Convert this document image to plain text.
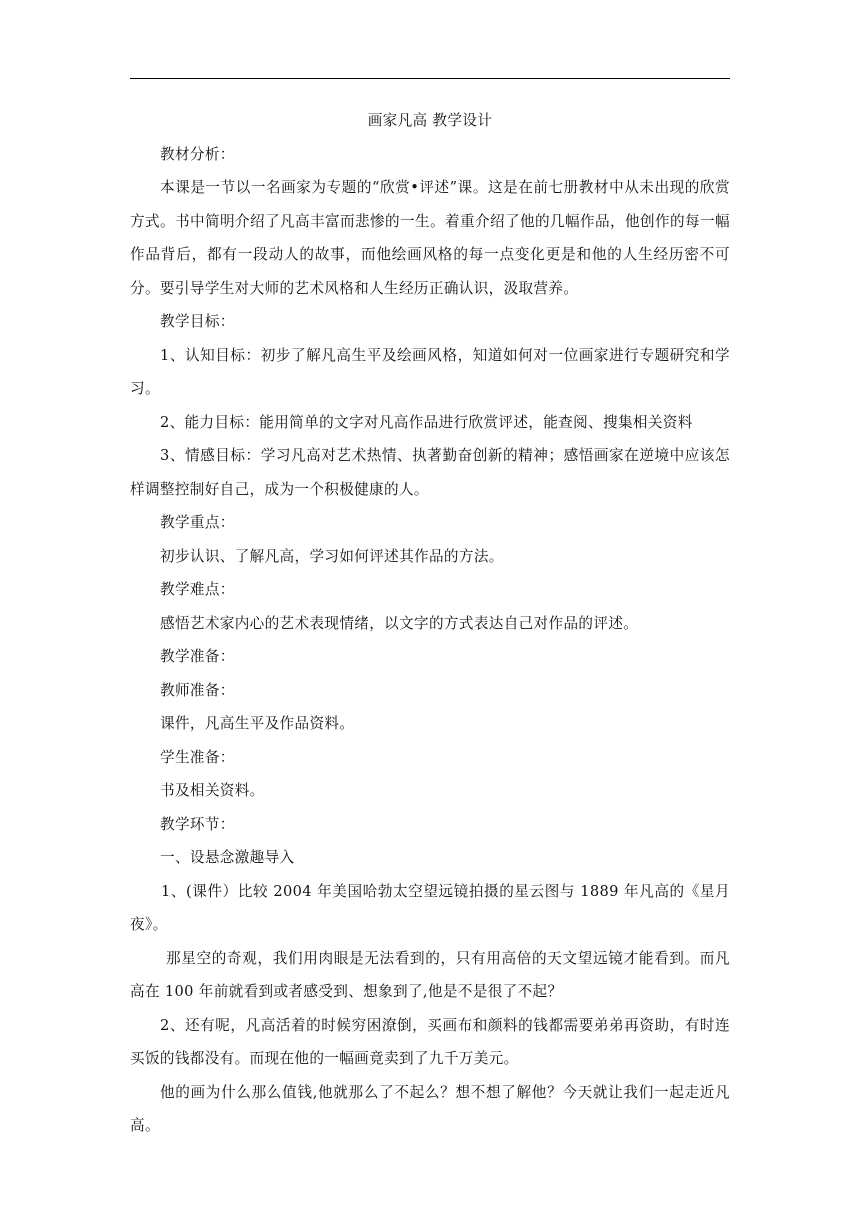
画家凡高 教学设计

教材分析：

本课是一节以一名画家为专题的“欣赏•评述”课。这是在前七册教材中从未出现的欣赏方式。书中简明介绍了凡高丰富而悲惨的一生。着重介绍了他的几幅作品，他创作的每一幅作品背后，都有一段动人的故事，而他绘画风格的每一点变化更是和他的人生经历密不可分。要引导学生对大师的艺术风格和人生经历正确认识，汲取营养。

教学目标：

1、认知目标：初步了解凡高生平及绘画风格，知道如何对一位画家进行专题研究和学习。

2、能力目标：能用简单的文字对凡高作品进行欣赏评述，能查阅、搜集相关资料

3、情感目标：学习凡高对艺术热情、执著勤奋创新的精神；感悟画家在逆境中应该怎样调整控制好自己，成为一个积极健康的人。

教学重点：

初步认识、了解凡高，学习如何评述其作品的方法。

教学难点：

感悟艺术家内心的艺术表现情绪，以文字的方式表达自己对作品的评述。

教学准备：

教师准备：

课件，凡高生平及作品资料。

学生准备：

书及相关资料。

教学环节：

一、设悬念激趣导入

1、(课件）比较 2004 年美国哈勃太空望远镜拍摄的星云图与 1889 年凡高的《星月夜》。

那星空的奇观，我们用肉眼是无法看到的，只有用高倍的天文望远镜才能看到。而凡高在 100 年前就看到或者感受到、想象到了,他是不是很了不起？

2、还有呢，凡高活着的时候穷困潦倒，买画布和颜料的钱都需要弟弟再资助，有时连买饭的钱都没有。而现在他的一幅画竟卖到了九千万美元。

他的画为什么那么值钱,他就那么了不起么？想不想了解他？今天就让我们一起走近凡高。
